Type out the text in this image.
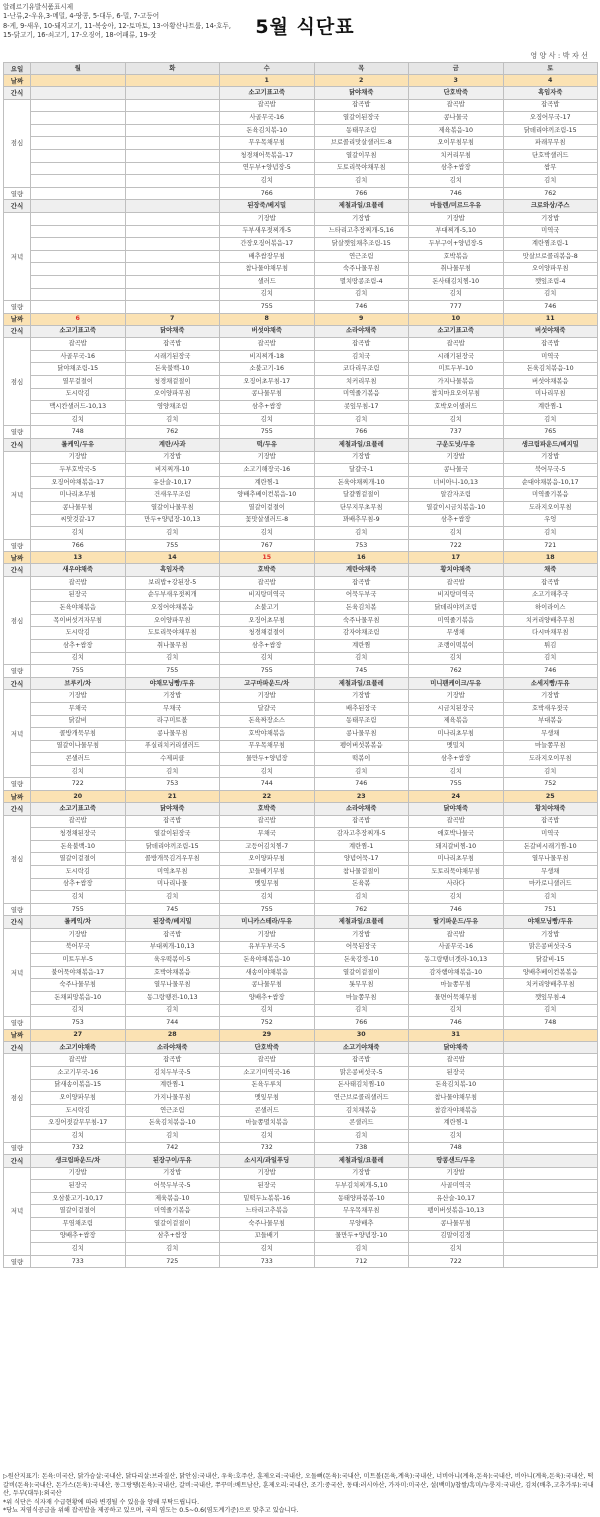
알레르기유발식품표시제
1-난류,2-우유,3-메밀, 4-땅콩, 5-대두, 6-밀, 7-고등어
8-게, 9-새우, 10-돼지고기, 11-복숭아, 12-토마토, 13-아황산나트륨, 14-호두,
15-닭고기, 16-쇠고기, 17-오징어, 18-어패류, 19-잣	5월 식단표
영 양 사 : 박 자 선
요일	월	화	수	목	금	토
날짜			1	2	3	4
간식			소고기표고죽	닭야채죽	단호박죽	흑임자죽
점심			잡곡밥	잡곡밥	잡곡밥	잡곡밥
			사골무국-16	열갈이된장국	콩나물국	오징어무국-17
			돈육김치볶-10	동태무조림	제육볶음-10	닭데리야끼조림-15
			무우목채무침	브로콜리맛살샐러드-8	오이무침무침	파래무무침
			청경채어묵볶음-17	열갈이무침	치커리무침	단호박샐러드
			연두부+양념장-5	도토리묵야채무침	삼추+쌈장	쌈무
			김치	김치	김치	김치
열량			766	766	746	762
간식			된장죽/베지밀	제철과일/요플레	마들렌/미르드우유	크로와상/주스
저녁			기장밥	기장밥	기장밥	기장밥
			두부새우젓찌개-5	느타리고추장찌개-5,16	부대찌개-5,10	미역국
			간장오징어볶음-17	닭살깻잎채추조림-15	두부구이+양념장-5	계란찜조림-1
			배추쌈장무침	연근조림	호박볶음	맛살브로콜리볶음-8
			참나물야채무침	숙주나물무침	취나물무침	오이양파무침
			샐러드	멸치땅콩조림-4	돈사태김치찜-10	깻잎조림-4
			김치	김치	김치	김치
열량			755	746	777	746
날짜	6	7	8	9	10	11
간식	소고기표고죽	닭야채죽	버섯야채죽	소라야채죽	소고기표고죽	버섯야채죽
점심	잡곡밥	잡곡밥	잡곡밥	잡곡밥	잡곡밥	잡곡밥
	사골무국-16	시래기된장국	비지찌개-18	김치국	시래기된장국	미역국
	닭야채조림-15	돈육불백-10	소불고기-16	코다리무조림	미트두부-10	돈육김치볶음-10
	열무겉절이	청경채겉절이	오징어초무침-17	치커리무침	가지나물볶음	버섯야채볶음
	도시락김	오이양파무침	콩나물무침	미역줄기볶음	참치마요오이무침	미나리무침
	맥시칸샐러드-10,13	영양채조림	삼추+쌈장	콧잎무침-17	호박오이샐러드	계란찜-1
	김치	김치	김치	김치	김치	김치
열량	748	762	755	766	737	765
간식	롤케익/두유	계란/사과	떡/두유	제철과일/요플레	구운도넛/두유	생크림파운드/베지밀
저녁	기장밥	기장밥	기장밥	기장밥	기장밥	기장밥
	두부호박국-5	비지찌개-10	소고기해장국-16	달걀국-1	콩나물국	북어무국-5
	오징어야채볶음-17	유산슬-10,17	계란찜-1	돈육야채찌개-10	너비아니-10,13	순대야채볶음-10,17
	미나리초무침	건새우무조림	양배추베이컨볶음-10	달걀찜겉절이	알감자조림	미역줄기볶음
	콩나물무침	열갈이나물무침	열갈이겉절이	단무지무초무침	열갈이시금치볶음-10	도라지오이무침
	씨앗것갈-17	만두+양념장-10,13	꽃맛살샐러드-8	꽈배추무침-9	삼추+쌈장	우엉
	김치	김치	김치	김치	김치	김치
열량	766	755	767	753	722	721
날짜	13	14	15	16	17	18
간식	새우야채죽	흑임자죽	호박죽	계란야채죽	황치야채죽	채죽
점심	잡곡밥	보리밥+강된장-5	잡곡밥	잡곡밥	잡곡밥	잡곡밥
	된장국	순두부새우젓찌개	비지탕미역국	어묵두부국	비지탕미역국	소고기해추국
	돈육야채볶음	오징어야채볶음	소불고기	돈육김치볶	닭데리야끼조림	하이라이스
	목이버섯겨자무침	오이양파무침	오징어초무침	숙주나물무침	미역줄기볶음	치커리양배추무침
	도시락김	도토리묵야채무침	청경채겉절이	감자야채조림	무생채	다시마채무침
	삼추+쌈장	취나물무침	삼추+쌈장	계란찜	조랭이떡볶이	튀김
	김치	김치	김치	김치	김치	김치
열량	755	755	755	745	762	746
간식	브루키/차	야채모닝빵/두유	고구마파운드/차	제철과일/요플레	미니팬케이크/두유	소세지빵/두유
저녁	기장밥	기장밥	기장밥	기장밥	기장밥	기장밥
	무채국	무채국	달걀국	배추된장국	시금치된장국	호박새우젓국
	닭갈비	라구미트볼	돈육짜장소스	동태무조림	제육볶음	부대볶음
	콜방개묵무침	콩나물무침	호박야채볶음	콩나물무침	미나리초무침	무생채
	열갈이나물무침	푸실리치커리샐러드	무우목채무침	펭이버섯볶볶음	멧밀치	마늘쫑무침
	콘샐러드	수제피클	물만두+양념장	떡볶이	삼추+쌈장	도라지오이무침
	김치	김치	김치	김치	김치	김치
열량	722	753	744	746	755	752
날짜	20	21	22	23	24	25
간식	소고기표고죽	닭야채죽	호박죽	소라야채죽	닭야채죽	황치야채죽
점심	잡곡밥	잡곡밥	잡곡밥	잡곡밥	잡곡밥	잡곡밥
	청경채된장국	열갈이된장국	무채국	감자고추장찌개-5	애호박나물국	미역국
	돈육불백-10	닭데리야끼조림-15	고등어김치찜-7	계란찜-1	돼지갈비찜-10	돈갈비시래기찜-10
	열갈이겉절이	콜방개묵김겨우무침	오이양파무침	양념어묵-17	미나리초무침	열무나물무침
	도시락김	미역초무침	꼬들배기무침	참나물겉절이	도토리묵야채무침	무생채
	삼추+쌈장	미나리나물	멧잎무침	돈육볶	사라다	마카로니샐러드
	김치	김치	김치	김치	김치	김치
열량	755	745	755	762	746	751
간식	롤케익/차	된장죽/베지밀	미니카스테라/두유	제철과일/요플레	딸기파운드/두유	야채모닝빵/두유
저녁	기장밥	잡곡밥	기장밥	기장밥	잡곡밥	기장밥
	북어무국	부대찌개-10,13	유부두부국-5	어묵된장국	사골무국-16	맑은콩버섯국-5
	미트두부-5	육우떡볶이-5	돈육야채볶음-10	돈육강정-10	동그랑땡너겟라-10,13	닭갈비-15
	불어묵야채볶음-17	호박야채볶음	새송이야채볶음	열갈이겉절이	감자햄야채볶음-10	양배추베이컨볶볶음
	숙주나물무침	열무나물무침	콩나물무침	톳무무침	마늘쫑무침	치커리양배추무침
	돈채피망볶음-10	동그랑땡전-10,13	양배추+쌈장	마늘쫑무침	물면어묵채무침	깻잎무침-4
	김치	김치	김치	김치	김치	김치
열량	753	744	752	766	746	748
날짜	27	28	29	30	31	
간식	소고기야채죽	소라야채죽	단호박죽	소고기야채죽	닭야채죽	
점심	잡곡밥	잡곡밥	잡곡밥	잡곡밥	잡곡밥	
	소고기무국-16	김치두부국-5	소고기미역국-16	맑은콩버섯국-5	된장국	
	닭새송이볶음-15	계란찜-1	돈육두루치	돈사태김치찜-10	돈육김치볶-10	
	오이양파무침	가지나물무침	멧잎무침	연근브로콜리샐러드	참나물야채무침	
	도시락김	연근조림	콘샐러드	김치채볶음	참감자야채볶음	
	오징어젓갈무무침-17	돈육김치볶음-10	마늘쫑멸치볶음	콘샐러드	계란찜-1	
	김치	김치	김치	김치	김치	
열량	732	742	732	738	748	
간식	생크림파운드/차	된장구이/두유	소시지/과일푸딩	제철과일/요플레	땅콩샌드/두유	
저녁	기장밥	기장밥	기장밥	기장밥	기장밥	
	된장국	어묵두부국-5	된장국	두부김치찌개-5,10	사골미역국	
	오삼불고기-10,17	제육볶음-10	밑떡두뇨볶볶-16	동태양파볶볶-10	유산슬-10,17	
	열갈이겉절이	미역줄기볶음	느타리고추볶음	무우목채무침	펭이버섯볶음-10,13	
	무염채조림	열갈이겉절이	숙주나물무침	무양배추	콩나물무침	
	양배추+쌈장	삼추+쌈장	꼬들배기	물만두+양념장-10	김말이김정	
	김치	김치	김치	김치	김치	
열량	733	725	733	712	722	
▷원산지표기: 돈육:미국산, 닭가슴살:국내산, 닭다리살:브라질산, 닭안심:국내산, 우육:호주산, 훈제오리:국내산, 오돌뼈(돈육):국내산, 미트볼(돈육,계육):국내산, 너비아니(계육,돈육):국내산, 비아니(계육,돈육):국내산, 떡갈비(돈육):국내산, 돈가스(돈육):국내산, 동그랑땡(돈육):국내산, 갈비:국내산, 쭈꾸미:베트남산, 훈제오리:국내산, 조기:중국산, 동태:러시아산, 가자미:미국산, 설(백미)/찹쌀/흑미/누룽지:국내산, 김치(배추,고추가루):국내산, 두부(대두):외국산
*위 식단은 식자재 수급현황에 따라 변경될 수 있음을 양해 부탁드립니다.
*당뇨 저염식공급을 위해 잡곡밥을 제공하고 있으며, 국의 염도는 0.5~0.6(염도계기준)으로 맞추고 있습니다.
